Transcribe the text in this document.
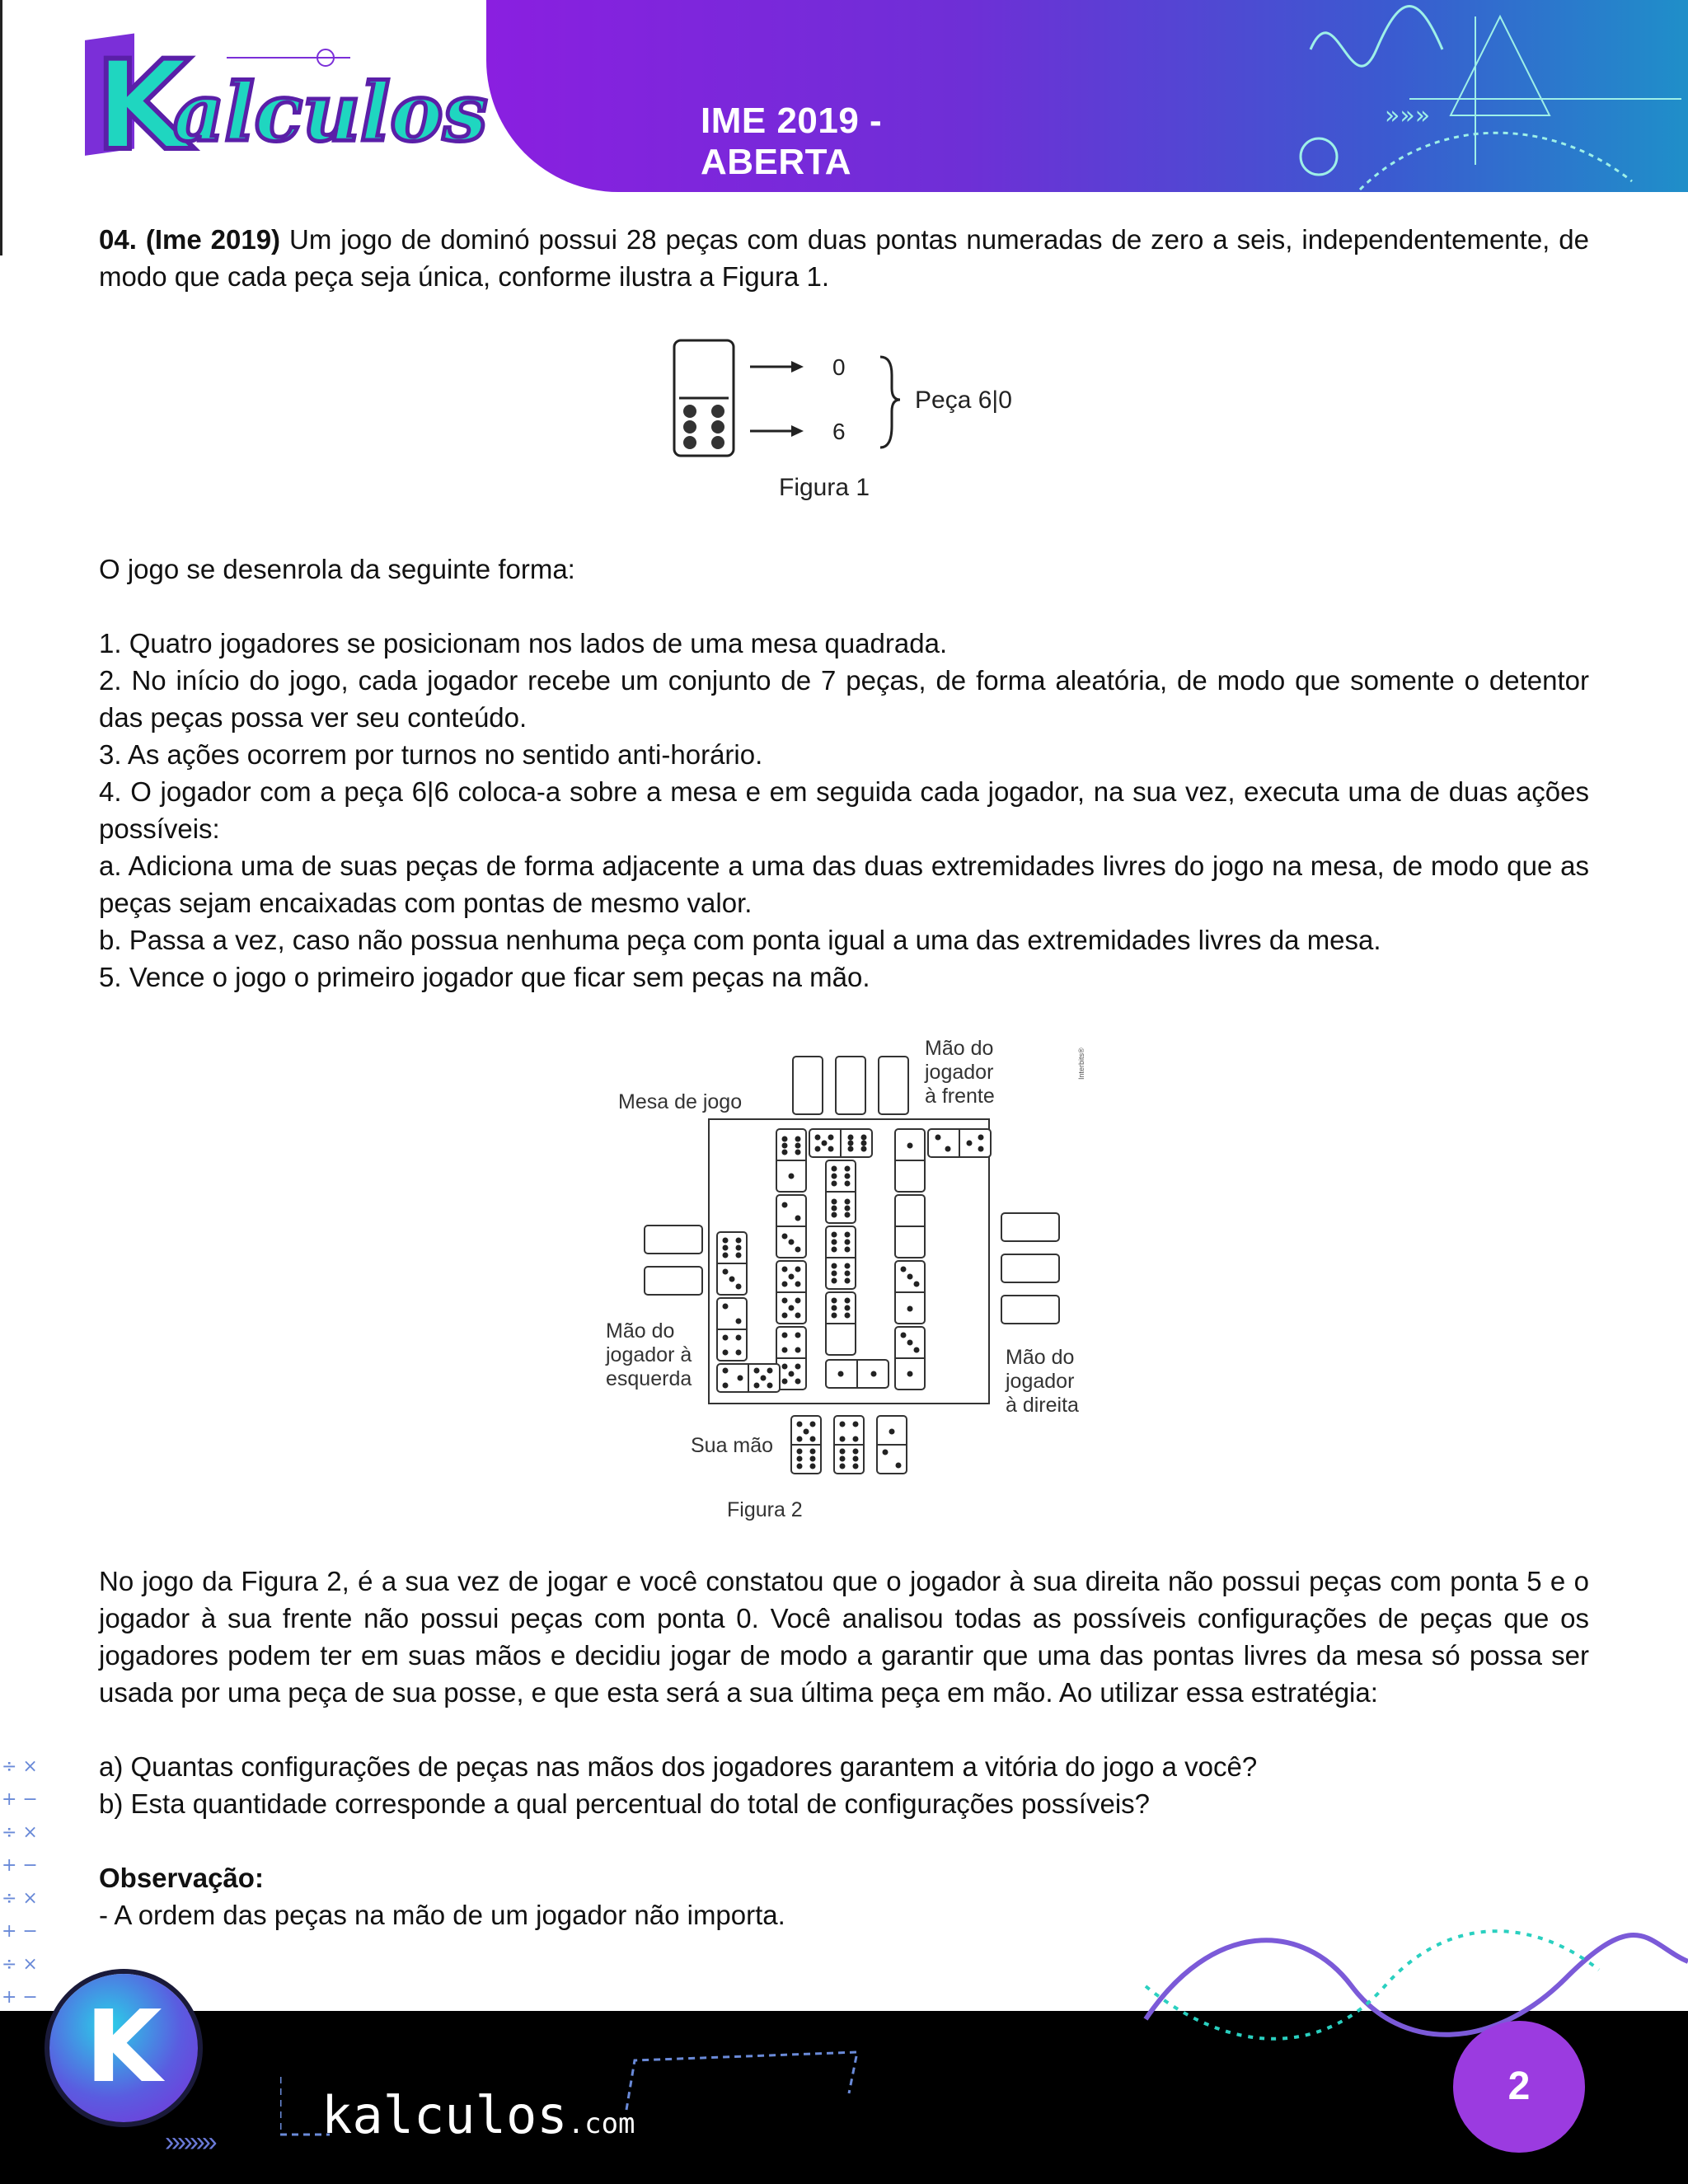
»»»
IME 2019 - ABERTA
K
alculos

04. (Ime 2019) Um jogo de dominó possui 28 peças com duas pontas numeradas de zero a seis, independentemente, de modo que cada peça seja única, conforme ilustra a Figura 1.

0
6
Peça 6|0
Figura 1
O jogo se desenrola da seguinte forma:

1. Quatro jogadores se posicionam nos lados de uma mesa quadrada.

2. No início do jogo, cada jogador recebe um conjunto de 7 peças, de forma aleatória, de modo que somente o detentor das peças possa ver seu conteúdo.

3. As ações ocorrem por turnos no sentido anti-horário.

4. O jogador com a peça 6|6 coloca-a sobre a mesa e em seguida cada jogador, na sua vez, executa uma de duas ações possíveis:

a. Adiciona uma de suas peças de forma adjacente a uma das duas extremidades livres do jogo na mesa, de modo que as peças sejam encaixadas com pontas de mesmo valor.

b. Passa a vez, caso não possua nenhuma peça com ponta igual a uma das extremidades livres da mesa.

5. Vence o jogo o primeiro jogador que ficar sem peças na mão.

Mesa de jogo
Mão do
jogador
à frente
Mão do
jogador à
esquerda
Mão do
jogador
à direita
Sua mão
Figura 2
Interbits®
No jogo da Figura 2, é a sua vez de jogar e você constatou que o jogador à sua direita não possui peças com ponta 5 e o jogador à sua frente não possui peças com ponta 0. Você analisou todas as possíveis configurações de peças que os jogadores podem ter em suas mãos e decidiu jogar de modo a garantir que uma das pontas livres da mesa só possa ser usada por uma peça de sua posse, e que esta será a sua última peça em mão. Ao utilizar essa estratégia:
a) Quantas configurações de peças nas mãos dos jogadores garantem a vitória do jogo a você?
b) Esta quantidade corresponde a qual percentual do total de configurações possíveis?
Observação:
- A ordem das peças na mão de um jogador não importa.
÷ ×
+ −
÷ ×
+ −
÷ ×
+ −
÷ ×
+ − K
»»»» kalculos.com
2
